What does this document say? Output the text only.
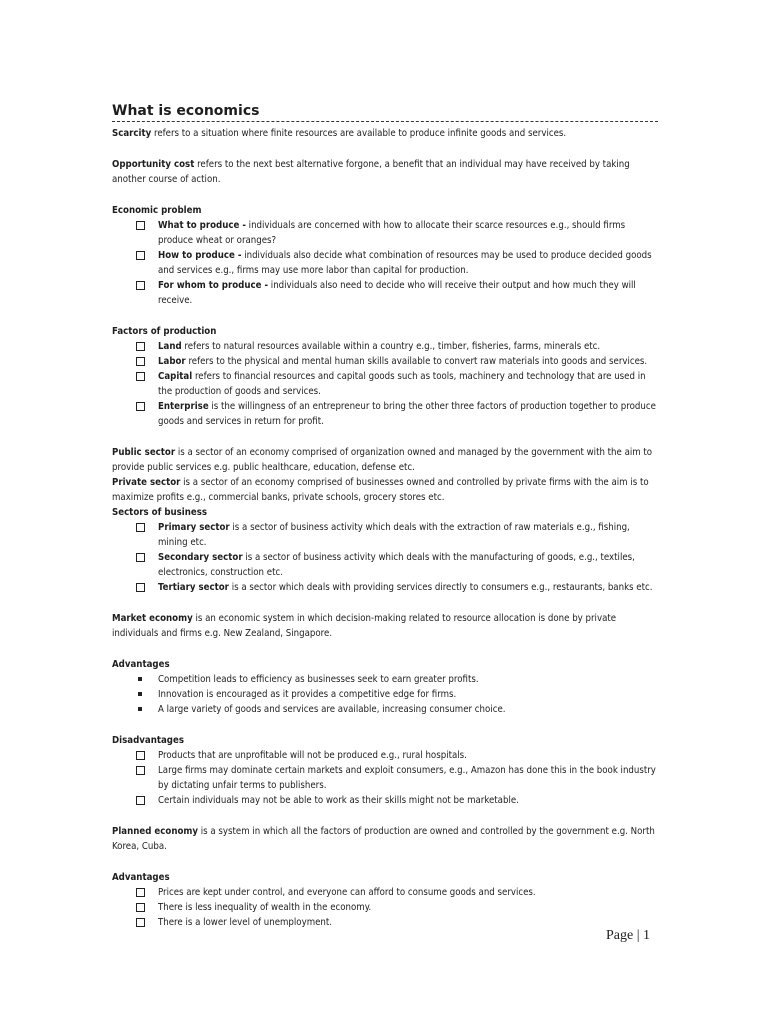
What is economics

Scarcity refers to a situation where finite resources are available to produce infinite goods and services.

Opportunity cost refers to the next best alternative forgone, a benefit that an individual may have received by taking another course of action.

Economic problem
What to produce - individuals are concerned with how to allocate their scarce resources e.g., should firms produce wheat or oranges?
How to produce - individuals also decide what combination of resources may be used to produce decided goods and services e.g., firms may use more labor than capital for production.
For whom to produce - individuals also need to decide who will receive their output and how much they will receive.
Factors of production
Land refers to natural resources available within a country e.g., timber, fisheries, farms, minerals etc.
Labor refers to the physical and mental human skills available to convert raw materials into goods and services.
Capital refers to financial resources and capital goods such as tools, machinery and technology that are used in the production of goods and services.
Enterprise is the willingness of an entrepreneur to bring the other three factors of production together to produce goods and services in return for profit.

Public sector is a sector of an economy comprised of organization owned and managed by the government with the aim to provide public services e.g. public healthcare, education, defense etc.

Private sector is a sector of an economy comprised of businesses owned and controlled by private firms with the aim is to maximize profits e.g., commercial banks, private schools, grocery stores etc.

Sectors of business
Primary sector is a sector of business activity which deals with the extraction of raw materials e.g., fishing, mining etc.
Secondary sector is a sector of business activity which deals with the manufacturing of goods, e.g., textiles, electronics, construction etc.
Tertiary sector is a sector which deals with providing services directly to consumers e.g., restaurants, banks etc.

Market economy is an economic system in which decision-making related to resource allocation is done by private individuals and firms e.g. New Zealand, Singapore.

Advantages
Competition leads to efficiency as businesses seek to earn greater profits.
Innovation is encouraged as it provides a competitive edge for firms.
A large variety of goods and services are available, increasing consumer choice.
Disadvantages
Products that are unprofitable will not be produced e.g., rural hospitals.
Large firms may dominate certain markets and exploit consumers, e.g., Amazon has done this in the book industry by dictating unfair terms to publishers.
Certain individuals may not be able to work as their skills might not be marketable.

Planned economy is a system in which all the factors of production are owned and controlled by the government e.g. North Korea, Cuba.

Advantages
Prices are kept under control, and everyone can afford to consume goods and services.
There is less inequality of wealth in the economy.
There is a lower level of unemployment.
Page | 1
